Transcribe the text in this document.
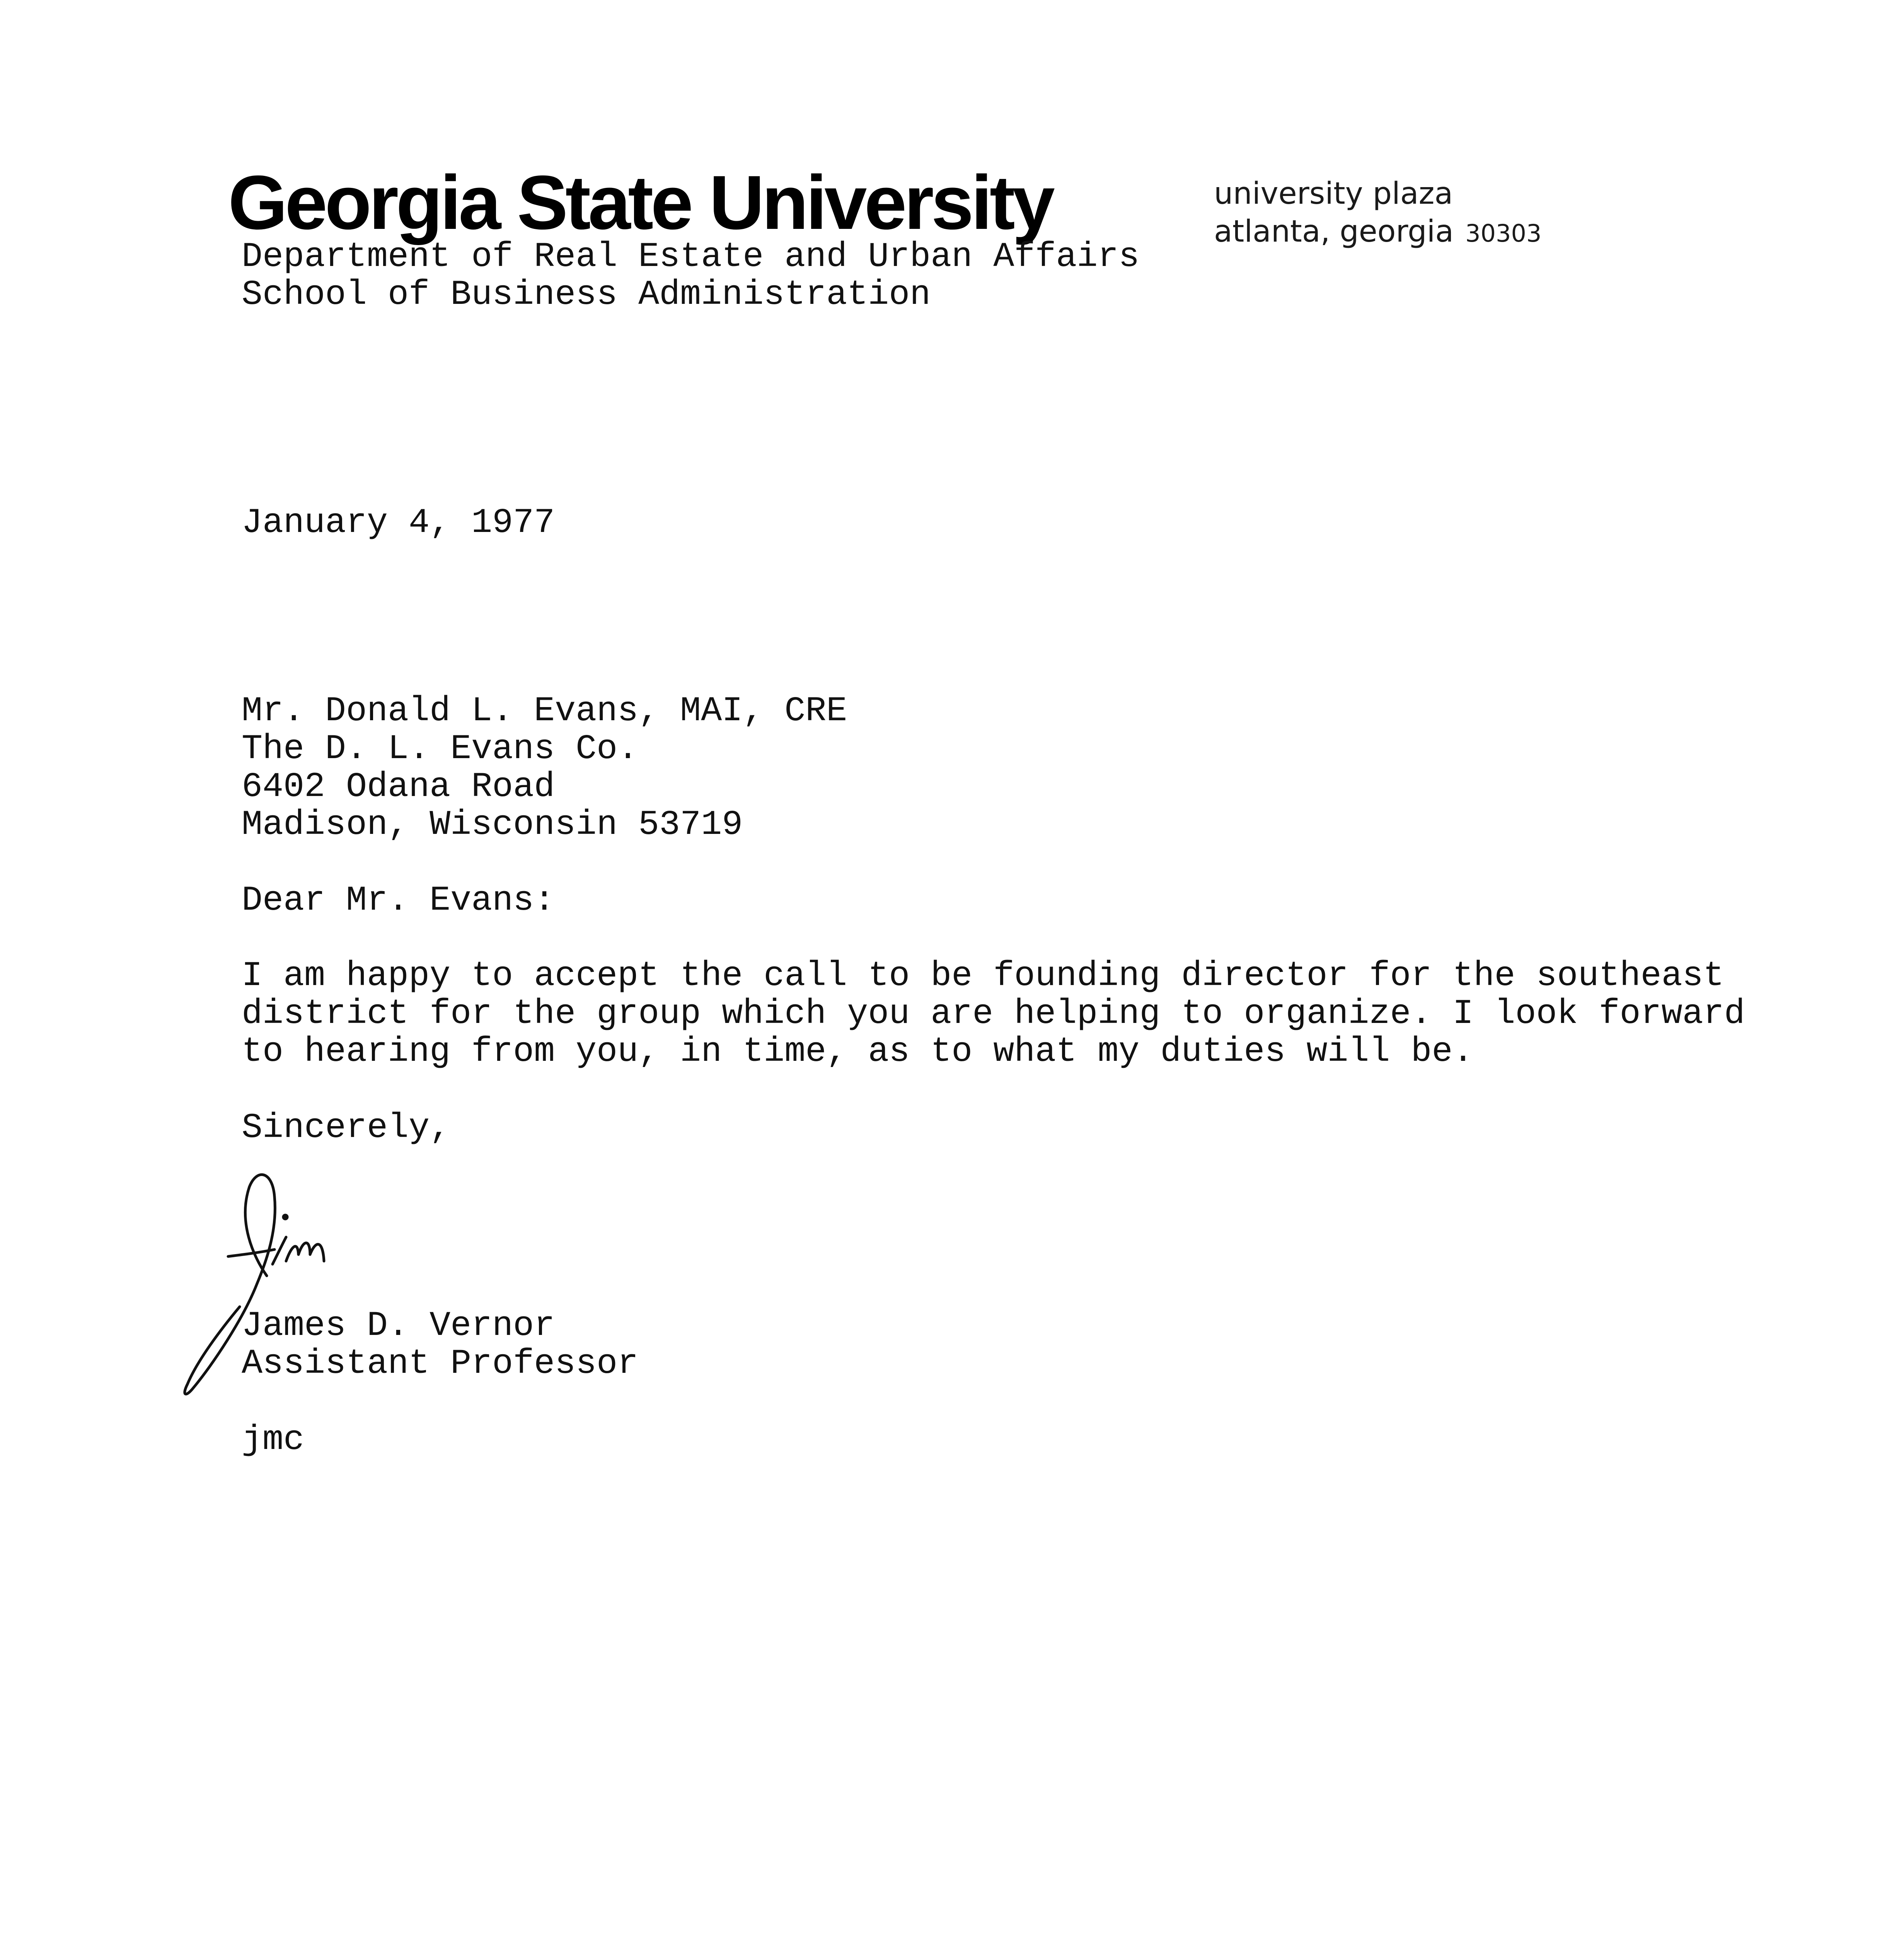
Georgia State University	university plaza
atlanta, georgia 30303
Department of Real Estate and Urban Affairs
School of Business Administration
January 4, 1977
Mr. Donald L. Evans, MAI, CRE
The D. L. Evans Co.
6402 Odana Road
Madison, Wisconsin 53719
Dear Mr. Evans:
I am happy to accept the call to be founding director for the southeast
district for the group which you are helping to organize. I look forward
to hearing from you, in time, as to what my duties will be.
Sincerely,
James D. Vernor
Assistant Professor
jmc
